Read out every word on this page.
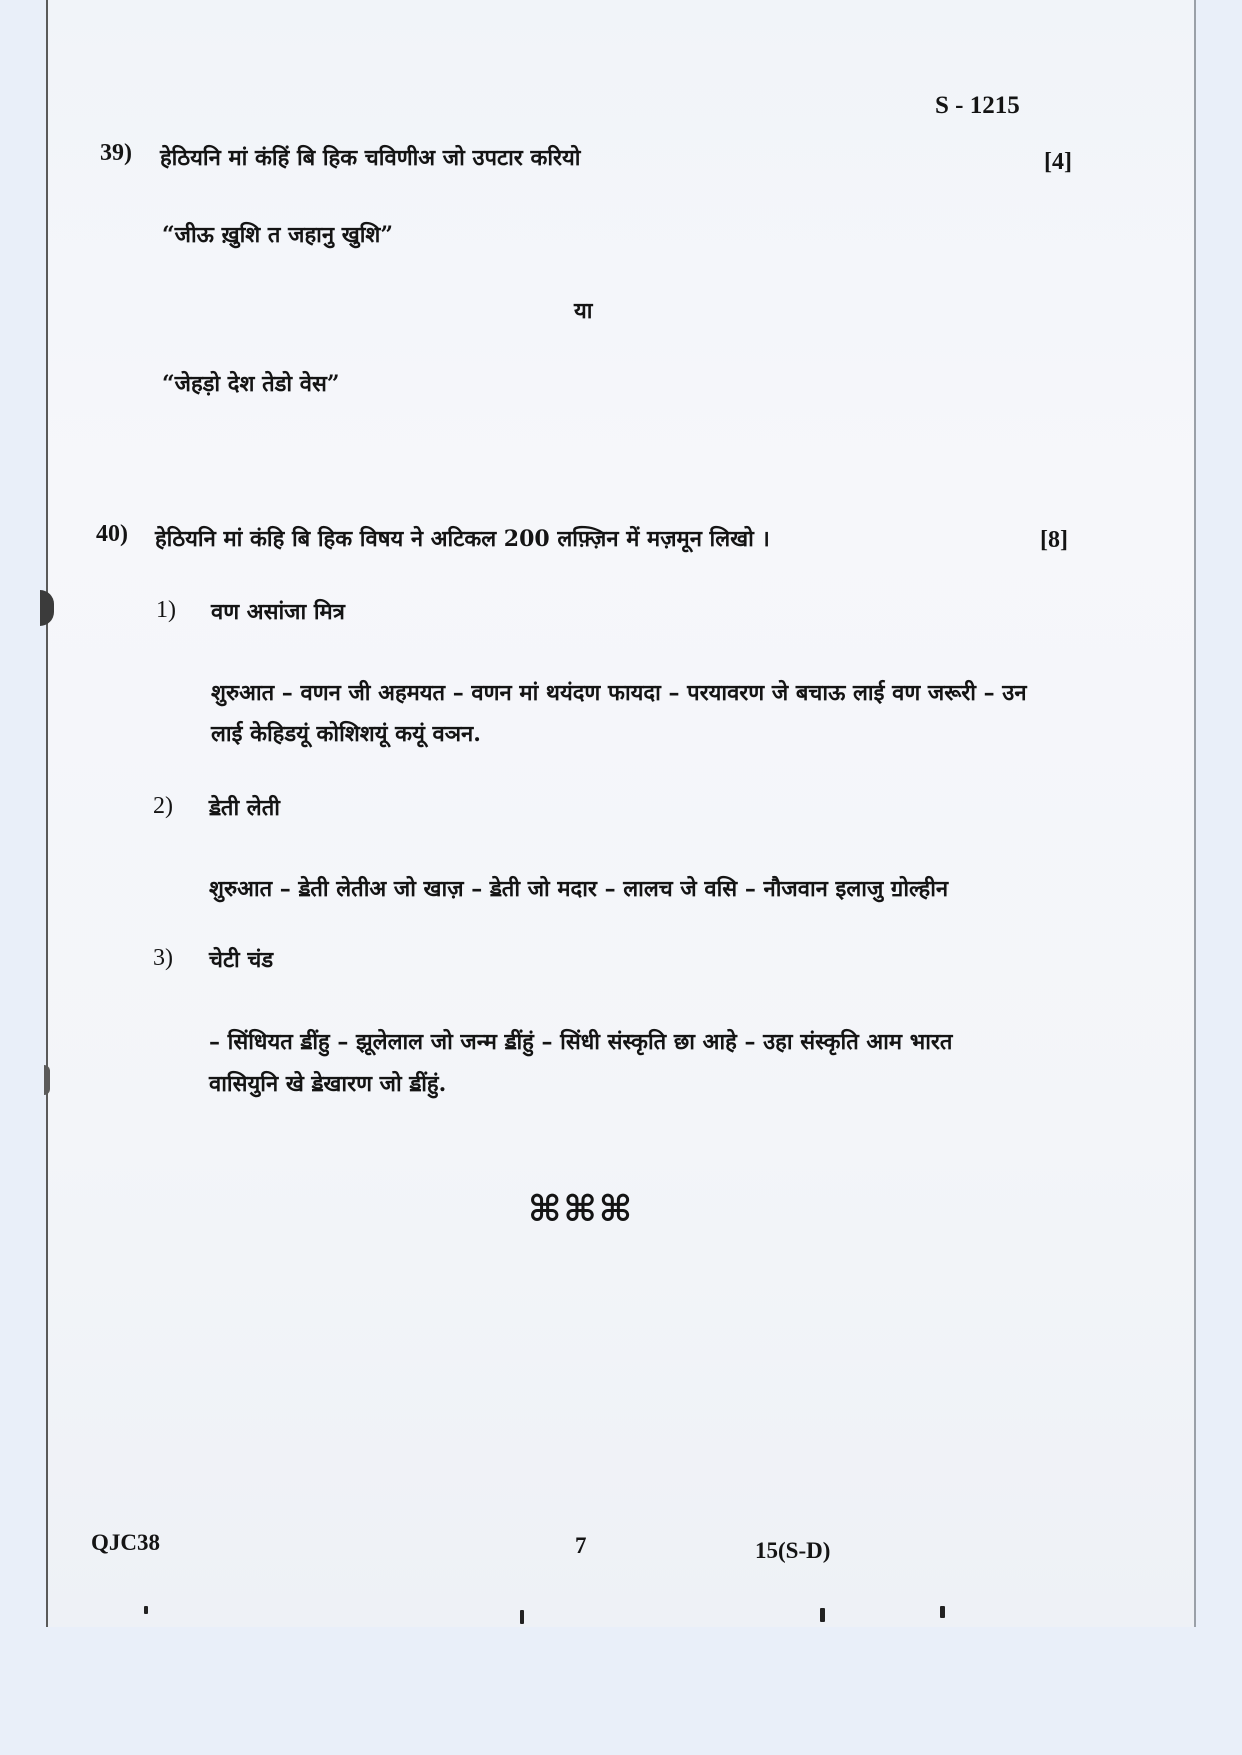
S - 1215
39) हेठियनि मां कंहिं बि हिक चविणीअ जो उपटार करियो	[4]
“जीऊ ख़ुशि त जहानु खुशि”
या
“जेहड़ो देश तेडो वेस”
40) हेठियनि मां कंहि बि हिक विषय ने अटिकल 200 लफ़्ज़िन में मज़मून लिखो ।	[8]
1) वण असांजा मित्र
शुरुआत – वणन जी अहमयत – वणन मां थयंदण फायदा – परयावरण जे बचाऊ लाई वण जरूरी – उन
लाई केहिडयूं कोशिशयूं कयूं वञन.
2) ॾेती लेती
शुरुआत – ॾेती लेतीअ जो खाज़ – ॾेती जो मदार – लालच जे वसि – नौजवान इलाजु ॻोल्हीन
3) चेटी चंड
– सिंधियत ॾींहु – झूलेलाल जो जन्म ॾींहुं – सिंधी संस्कृति छा आहे – उहा संस्कृति आम भारत
वासियुनि खे ॾेखारण जो ॾींहुं.
⌘⌘⌘
QJC38	7	15(S-D)
